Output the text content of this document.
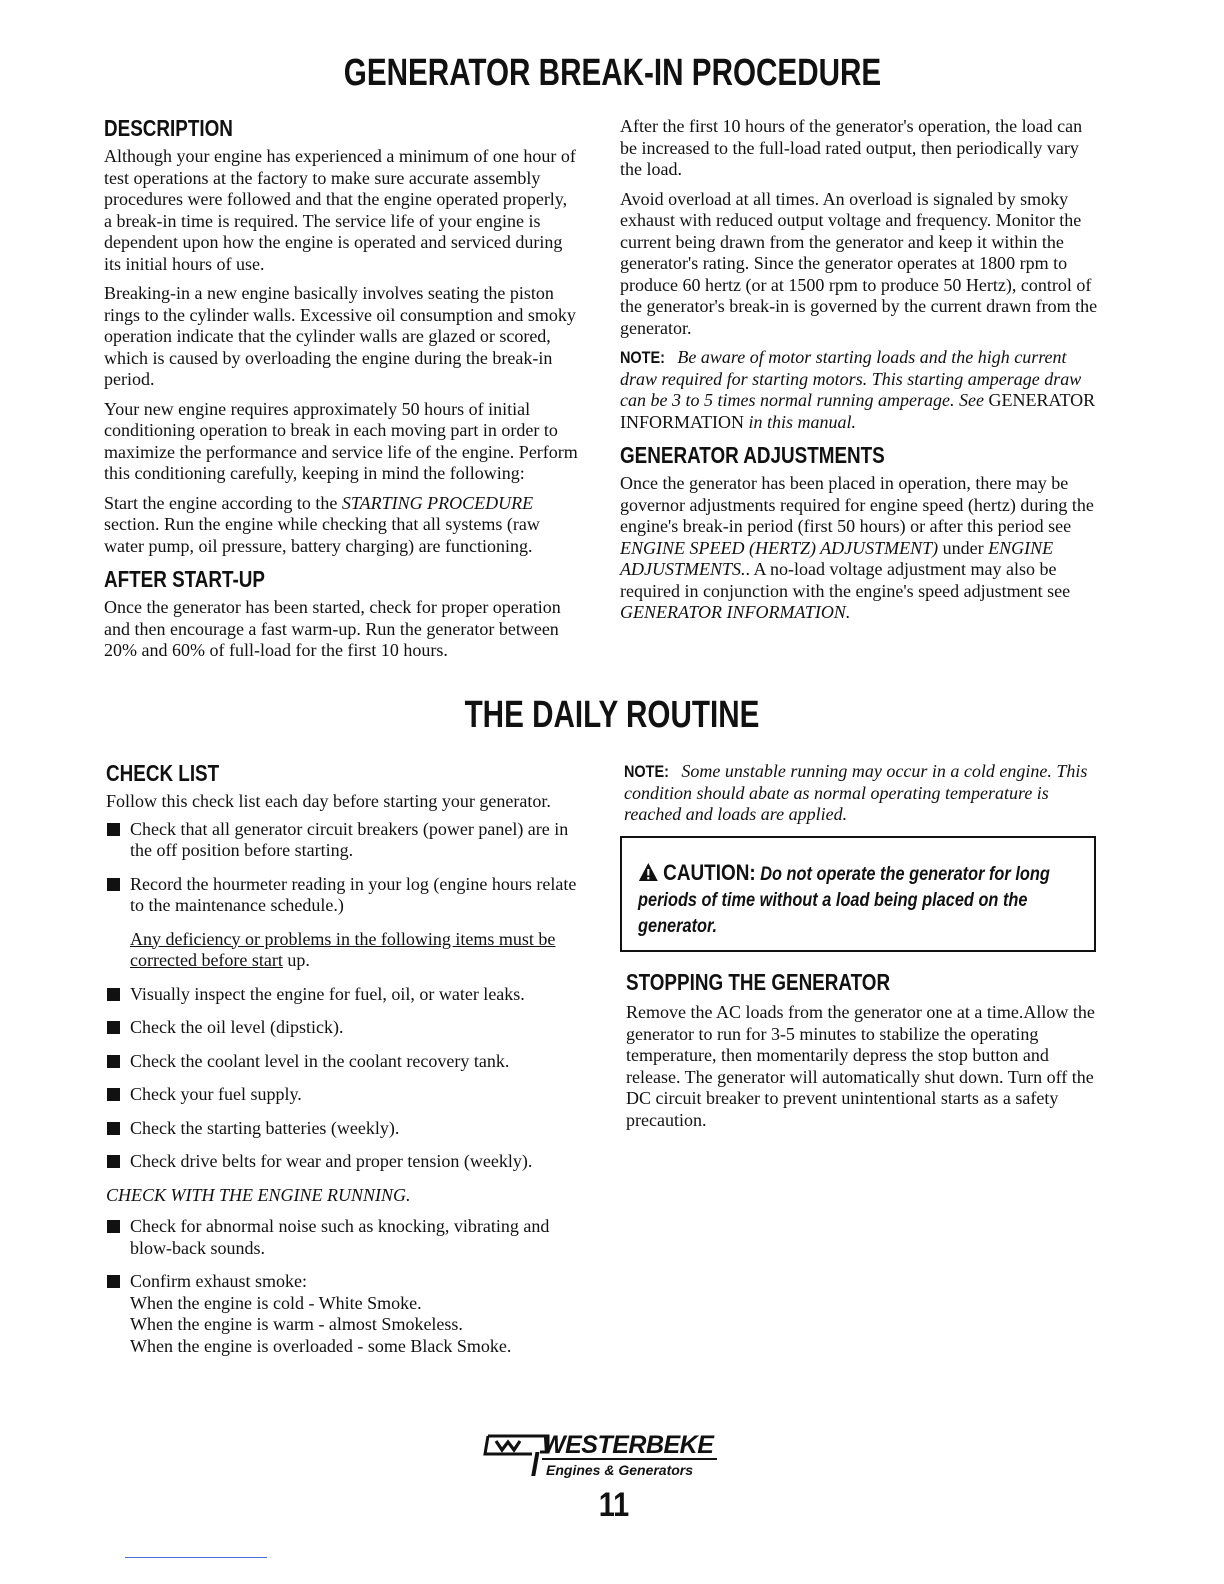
GENERATOR BREAK-IN PROCEDURE
DESCRIPTION

Although your engine has experienced a minimum of one hour of test operations at the factory to make sure accurate assembly procedures were followed and that the engine operated properly, a break-in time is required. The service life of your engine is dependent upon how the engine is operated and serviced during its initial hours of use.

Breaking-in a new engine basically involves seating the piston rings to the cylinder walls. Excessive oil consumption and smoky operation indicate that the cylinder walls are glazed or scored, which is caused by overloading the engine during the break-in period.

Your new engine requires approximately 50 hours of initial conditioning operation to break in each moving part in order to maximize the performance and service life of the engine. Perform this conditioning carefully, keeping in mind the following:

Start the engine according to the STARTING PROCEDURE section. Run the engine while checking that all systems (raw water pump, oil pressure, battery charging) are functioning.

AFTER START-UP

Once the generator has been started, check for proper operation and then encourage a fast warm-up. Run the generator between 20% and 60% of full-load for the first 10 hours.

After the first 10 hours of the generator's operation, the load can be increased to the full-load rated output, then periodically vary the load.

Avoid overload at all times. An overload is signaled by smoky exhaust with reduced output voltage and frequency. Monitor the current being drawn from the generator and keep it within the generator's rating. Since the generator operates at 1800 rpm to produce 60 hertz (or at 1500 rpm to produce 50 Hertz), control of the generator's break-in is governed by the current drawn from the generator.

NOTE: Be aware of motor starting loads and the high current draw required for starting motors. This starting amperage draw can be 3 to 5 times normal running amperage. See GENERATOR INFORMATION in this manual.

GENERATOR ADJUSTMENTS

Once the generator has been placed in operation, there may be governor adjustments required for engine speed (hertz) during the engine's break-in period (first 50 hours) or after this period see ENGINE SPEED (HERTZ) ADJUSTMENT) under ENGINE ADJUSTMENTS.. A no-load voltage adjustment may also be required in conjunction with the engine's speed adjustment see GENERATOR INFORMATION.

THE DAILY ROUTINE
CHECK LIST

Follow this check list each day before starting your generator.

Check that all generator circuit breakers (power panel) are in the off position before starting.
Record the hourmeter reading in your log (engine hours relate to the maintenance schedule.)
Any deficiency or problems in the following items must be corrected before start up.
Visually inspect the engine for fuel, oil, or water leaks.
Check the oil level (dipstick).
Check the coolant level in the coolant recovery tank.
Check your fuel supply.
Check the starting batteries (weekly).
Check drive belts for wear and proper tension (weekly).

CHECK WITH THE ENGINE RUNNING.

Check for abnormal noise such as knocking, vibrating and blow-back sounds.
Confirm exhaust smoke:
When the engine is cold - White Smoke.
When the engine is warm - almost Smokeless.
When the engine is overloaded - some Black Smoke.

NOTE: Some unstable running may occur in a cold engine. This condition should abate as normal operating temperature is reached and loads are applied.

CAUTION: Do not operate the generator for long periods of time without a load being placed on the generator.
STOPPING THE GENERATOR

Remove the AC loads from the generator one at a time.Allow the generator to run for 3-5 minutes to stabilize the operating temperature, then momentarily depress the stop button and release. The generator will automatically shut down. Turn off the DC circuit breaker to prevent unintentional starts as a safety precaution.

WESTERBEKE
Engines & Generators
11
